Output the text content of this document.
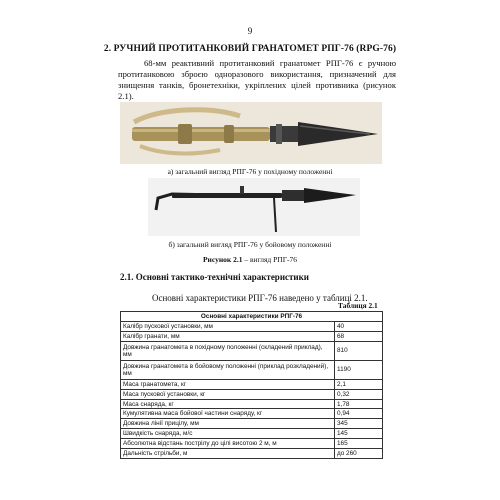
9
2. РУЧНИЙ ПРОТИТАНКОВИЙ ГРАНАТОМЕТ РПГ-76 (RPG-76)
68-мм реактивний протитанковий гранатомет РПГ-76 є ручною протитанковою зброєю одноразового використання, призначений для знищення танків, бронетехніки, укріплених цілей противника (рисунок 2.1).
а) загальний вигляд РПГ-76 у похідному положенні
б) загальний вигляд РПГ-76 у бойовому положенні
Рисунок 2.1 – вигляд РПГ-76
2.1. Основні тактико-технічні характеристики
Основні характеристики РПГ-76 наведено у таблиці 2.1.
Таблиця 2.1
Основні характеристики РПГ-76	
Калібр пускової установки, мм	40
Калібр гранати, мм	68
Довжина гранатомета в похідному положенні (складений приклад), мм	810
Довжина гранатомета в бойовому положенні (приклад розкладений), мм	1190
Маса гранатомета, кг	2,1
Маса пускової установки, кг	0,32
Маса снаряда, кг	1,78
Кумулятивна маса бойової частини снаряду, кг	0,94
Довжина лінії прицілу, мм	345
Швидкість снаряда, м/с	145
Абсолютна відстань пострілу до цілі висотою 2 м, м	165
Дальність стрільби, м	до 260
